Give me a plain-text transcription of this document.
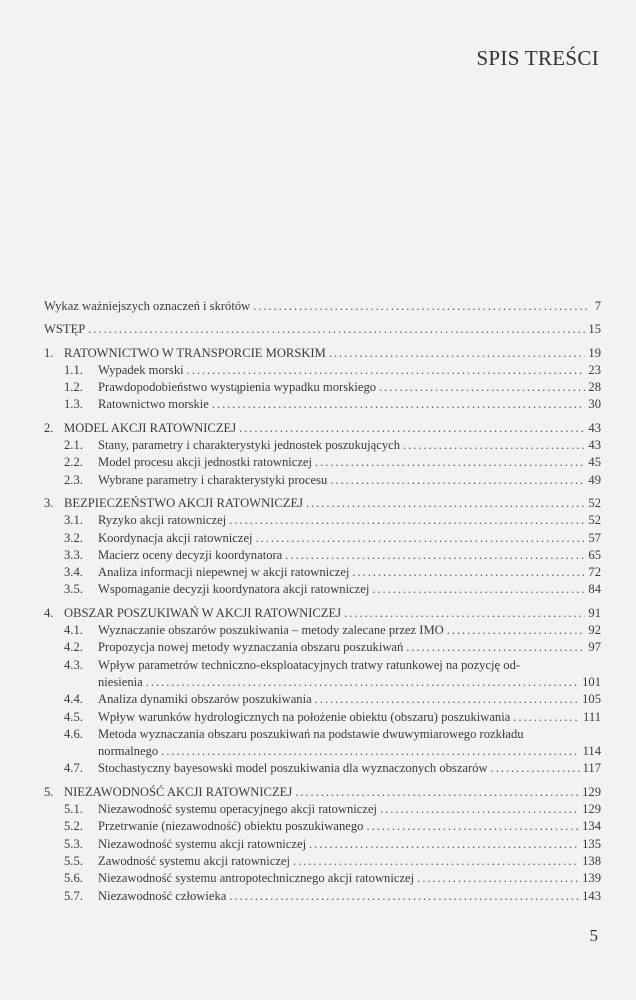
SPIS TREŚCI
Wykaz ważniejszych oznaczeń i skrótów . . .	7
WSTĘP . . .	15
1. RATOWNICTWO W TRANSPORCIE MORSKIM . . .	19
1.1.	Wypadek morski . . .	23
1.2.	Prawdopodobieństwo wystąpienia wypadku morskiego . . .	28
1.3.	Ratownictwo morskie . . .	30
2. MODEL AKCJI RATOWNICZEJ . . .	43
2.1.	Stany, parametry i charakterystyki jednostek poszukujących . . .	43
2.2.	Model procesu akcji jednostki ratowniczej . . .	45
2.3.	Wybrane parametry i charakterystyki procesu . . .	49
3. BEZPIECZEŃSTWO AKCJI RATOWNICZEJ . . .	52
3.1.	Ryzyko akcji ratowniczej . . .	52
3.2.	Koordynacja akcji ratowniczej . . .	57
3.3.	Macierz oceny decyzji koordynatora . . .	65
3.4.	Analiza informacji niepewnej w akcji ratowniczej . . .	72
3.5.	Wspomaganie decyzji koordynatora akcji ratowniczej . . .	84
4. OBSZAR POSZUKIWAŃ W AKCJI RATOWNICZEJ . . .	91
4.1.	Wyznaczanie obszarów poszukiwania – metody zalecane przez IMO . . .	92
4.2.	Propozycja nowej metody wyznaczania obszaru poszukiwań . . .	97
4.3.	Wpływ parametrów techniczno-eksploatacyjnych tratwy ratunkowej na pozycję od-
niesienia . . .	101
4.4.	Analiza dynamiki obszarów poszukiwania . . .	105
4.5.	Wpływ warunków hydrologicznych na położenie obiektu (obszaru) poszukiwania . . .	111
4.6.	Metoda wyznaczania obszaru poszukiwań na podstawie dwuwymiarowego rozkładu
normalnego . . .	114
4.7.	Stochastyczny bayesowski model poszukiwania dla wyznaczonych obszarów . . .	117
5. NIEZAWODNOŚĆ AKCJI RATOWNICZEJ . . .	129
5.1.	Niezawodność systemu operacyjnego akcji ratowniczej . . .	129
5.2.	Przetrwanie (niezawodność) obiektu poszukiwanego . . .	134
5.3.	Niezawodność systemu akcji ratowniczej . . .	135
5.5.	Zawodność systemu akcji ratowniczej . . .	138
5.6.	Niezawodność systemu antropotechnicznego akcji ratowniczej . . .	139
5.7.	Niezawodność człowieka . . .	143
5
